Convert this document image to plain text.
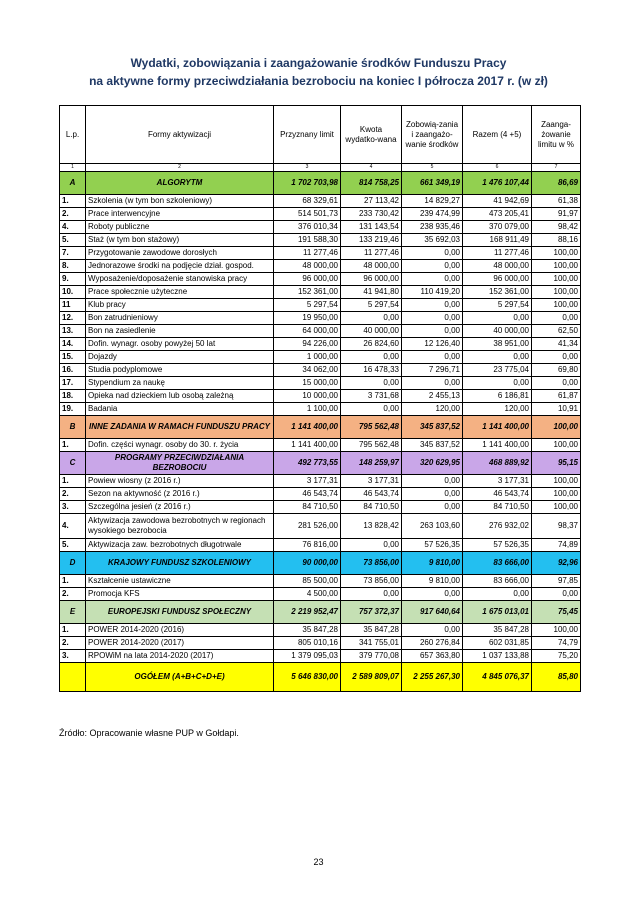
Wydatki, zobowiązania i zaangażowanie środków Funduszu Pracy
na aktywne formy przeciwdziałania bezrobociu na koniec I półrocza 2017 r. (w zł)
L.p.	Formy aktywizacji	Przyznany limit	Kwota wydatko-wana	Zobowią-zania i zaangażo-wanie środków	Razem (4 +5)	Zaanga-żowanie limitu w %
1	2	3	4	5	6	7
A	ALGORYTM	1 702 703,98	814 758,25	661 349,19	1 476 107,44	86,69
1.	Szkolenia (w tym bon szkoleniowy)	68 329,61	27 113,42	14 829,27	41 942,69	61,38
2.	Prace interwencyjne	514 501,73	233 730,42	239 474,99	473 205,41	91,97
4.	Roboty publiczne	376 010,34	131 143,54	238 935,46	370 079,00	98,42
5.	Staż (w tym bon stażowy)	191 588,30	133 219,46	35 692,03	168 911,49	88,16
7.	Przygotowanie zawodowe dorosłych	11 277,46	11 277,46	0,00	11 277,46	100,00
8.	Jednorazowe środki na podjęcie dział. gospod.	48 000,00	48 000,00	0,00	48 000,00	100,00
9.	Wyposażenie/doposażenie stanowiska pracy	96 000,00	96 000,00	0,00	96 000,00	100,00
10.	Prace społecznie użyteczne	152 361,00	41 941,80	110 419,20	152 361,00	100,00
11	Klub pracy	5 297,54	5 297,54	0,00	5 297,54	100,00
12.	Bon zatrudnieniowy	19 950,00	0,00	0,00	0,00	0,00
13.	Bon na zasiedlenie	64 000,00	40 000,00	0,00	40 000,00	62,50
14.	Dofin. wynagr. osoby powyżej 50 lat	94 226,00	26 824,60	12 126,40	38 951,00	41,34
15.	Dojazdy	1 000,00	0,00	0,00	0,00	0,00
16.	Studia podyplomowe	34 062,00	16 478,33	7 296,71	23 775,04	69,80
17.	Stypendium za naukę	15 000,00	0,00	0,00	0,00	0,00
18.	Opieka nad dzieckiem lub osobą zależną	10 000,00	3 731,68	2 455,13	6 186,81	61,87
19.	Badania	1 100,00	0,00	120,00	120,00	10,91
B	INNE ZADANIA W RAMACH FUNDUSZU PRACY	1 141 400,00	795 562,48	345 837,52	1 141 400,00	100,00
1.	Dofin. części wynagr. osoby do 30. r. życia	1 141 400,00	795 562,48	345 837,52	1 141 400,00	100,00
C	PROGRAMY PRZECIWDZIAŁANIA BEZROBOCIU	492 773,55	148 259,97	320 629,95	468 889,92	95,15
1.	Powiew wiosny (z 2016 r.)	3 177,31	3 177,31	0,00	3 177,31	100,00
2.	Sezon na aktywność (z 2016 r.)	46 543,74	46 543,74	0,00	46 543,74	100,00
3.	Szczególna jesień (z 2016 r.)	84 710,50	84 710,50	0,00	84 710,50	100,00
4.	Aktywizacja zawodowa bezrobotnych w regionach wysokiego bezrobocia	281 526,00	13 828,42	263 103,60	276 932,02	98,37
5.	Aktywizacja zaw. bezrobotnych długotrwale	76 816,00	0,00	57 526,35	57 526,35	74,89
D	KRAJOWY FUNDUSZ SZKOLENIOWY	90 000,00	73 856,00	9 810,00	83 666,00	92,96
1.	Kształcenie ustawiczne	85 500,00	73 856,00	9 810,00	83 666,00	97,85
2.	Promocja KFS	4 500,00	0,00	0,00	0,00	0,00
E	EUROPEJSKI FUNDUSZ SPOŁECZNY	2 219 952,47	757 372,37	917 640,64	1 675 013,01	75,45
1.	POWER 2014-2020 (2016)	35 847,28	35 847,28	0,00	35 847,28	100,00
2.	POWER 2014-2020 (2017)	805 010,16	341 755,01	260 276,84	602 031,85	74,79
3.	RPOWiM na lata 2014-2020 (2017)	1 379 095,03	379 770,08	657 363,80	1 037 133,88	75,20
	OGÓŁEM (A+B+C+D+E)	5 646 830,00	2 589 809,07	2 255 267,30	4 845 076,37	85,80
Źródło: Opracowanie własne PUP w Gołdapi.
23
